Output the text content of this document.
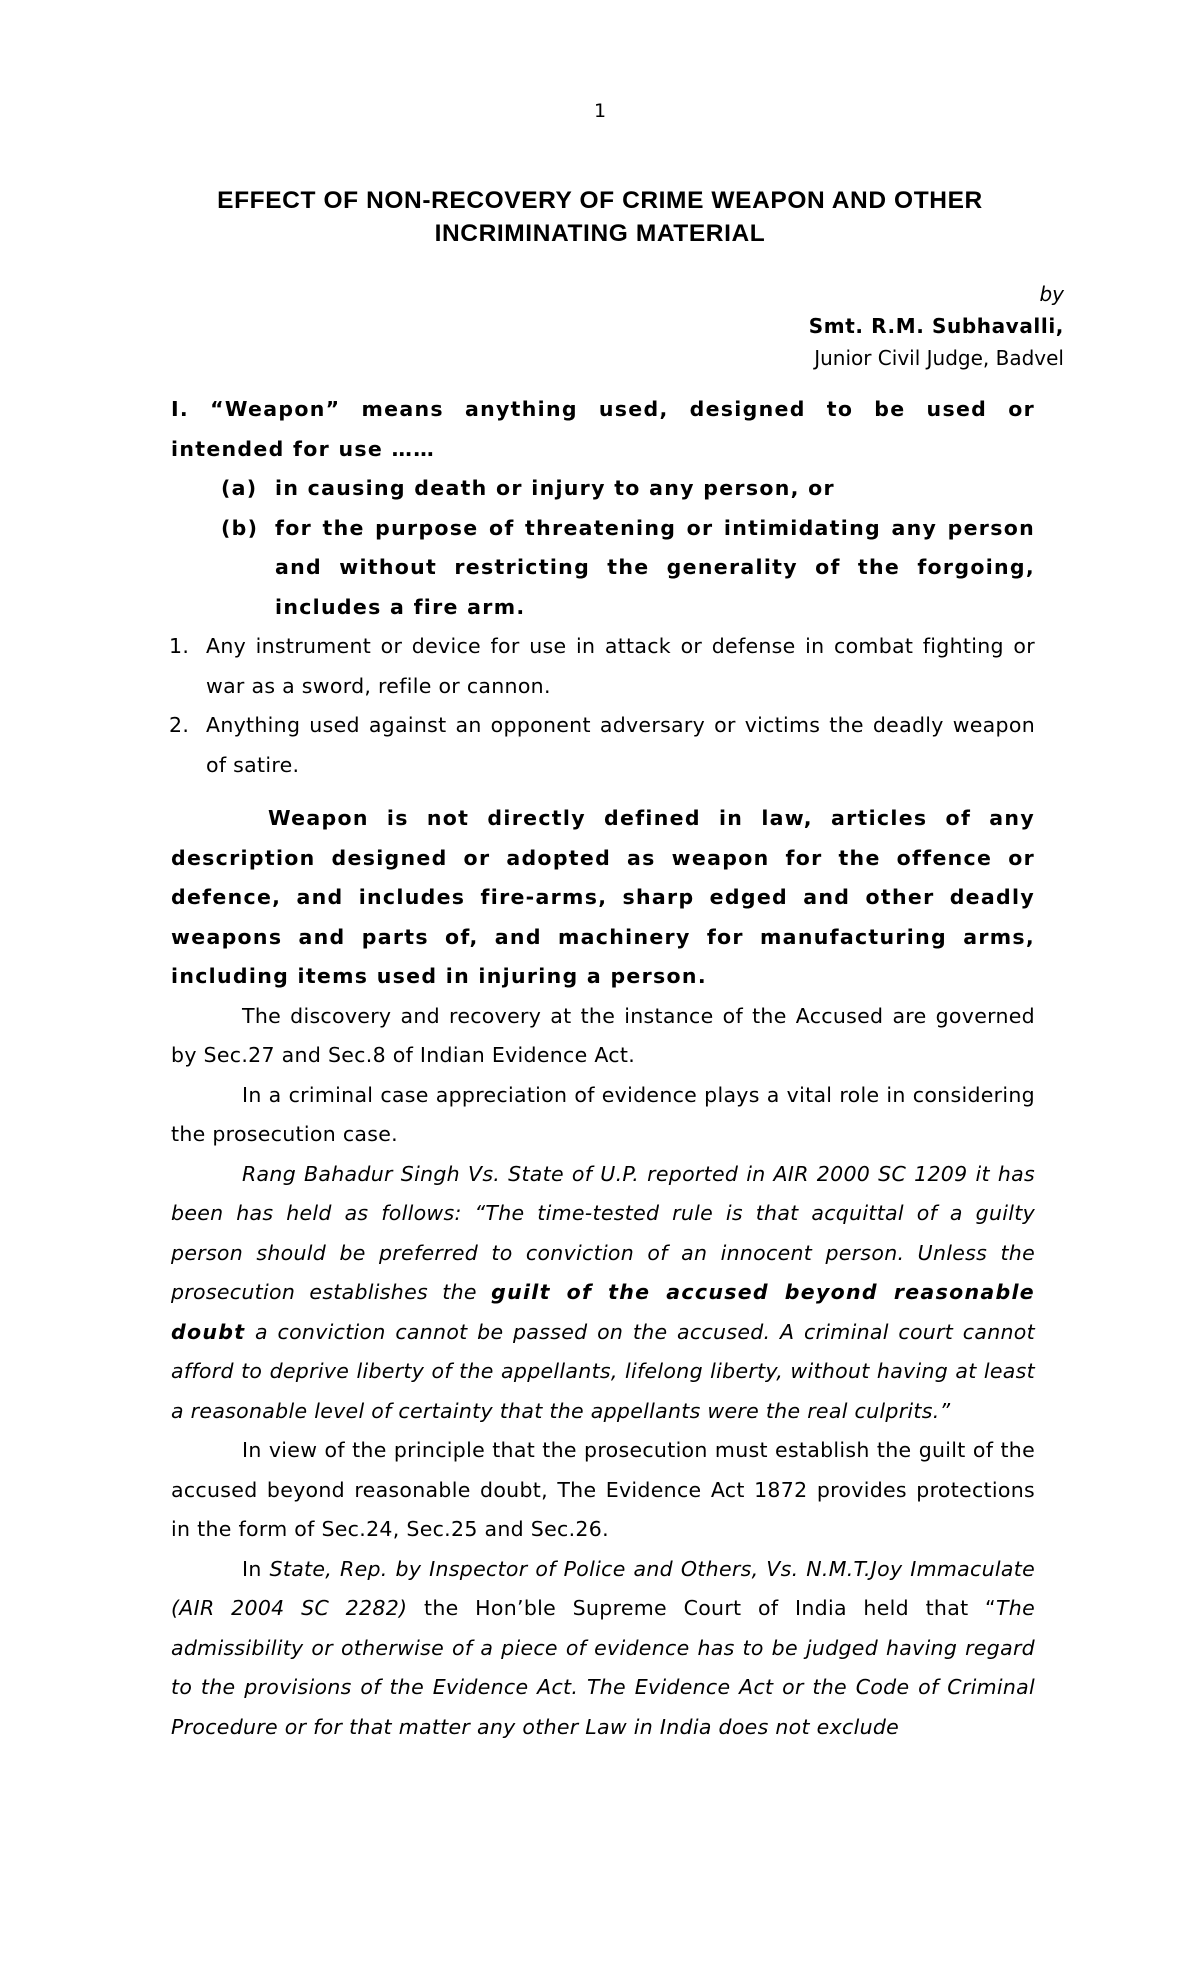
1
EFFECT OF NON-RECOVERY OF CRIME WEAPON AND OTHER INCRIMINATING MATERIAL
by
Smt. R.M. Subhavalli,
Junior Civil Judge, Badvel

I. “Weapon” means anything used, designed to be used or intended for use ……

(a) in causing death or injury to any person, or

(b) for the purpose of threatening or intimidating any person and without restricting the generality of the forgoing, includes a fire arm.

1. Any instrument or device for use in attack or defense in combat fighting or war as a sword, refile or cannon.

2. Anything used against an opponent adversary or victims the deadly weapon of satire.

Weapon is not directly defined in law, articles of any description designed or adopted as weapon for the offence or defence, and includes fire-arms, sharp edged and other deadly weapons and parts of, and machinery for manufacturing arms, including items used in injuring a person.

The discovery and recovery at the instance of the Accused are governed by Sec.27 and Sec.8 of Indian Evidence Act.

In a criminal case appreciation of evidence plays a vital role in considering the prosecution case.

Rang Bahadur Singh Vs. State of U.P. reported in AIR 2000 SC 1209 it has been has held as follows: “The time-tested rule is that acquittal of a guilty person should be preferred to conviction of an innocent person. Unless the prosecution establishes the guilt of the accused beyond reasonable doubt a conviction cannot be passed on the accused. A criminal court cannot afford to deprive liberty of the appellants, lifelong liberty, without having at least a reasonable level of certainty that the appellants were the real culprits.”

In view of the principle that the prosecution must establish the guilt of the accused beyond reasonable doubt, The Evidence Act 1872 provides protections in the form of Sec.24, Sec.25 and Sec.26.

In State, Rep. by Inspector of Police and Others, Vs. N.M.T.Joy Immaculate (AIR 2004 SC 2282) the Hon’ble Supreme Court of India held that “The admissibility or otherwise of a piece of evidence has to be judged having regard to the provisions of the Evidence Act. The Evidence Act or the Code of Criminal Procedure or for that matter any other Law in India does not exclude
